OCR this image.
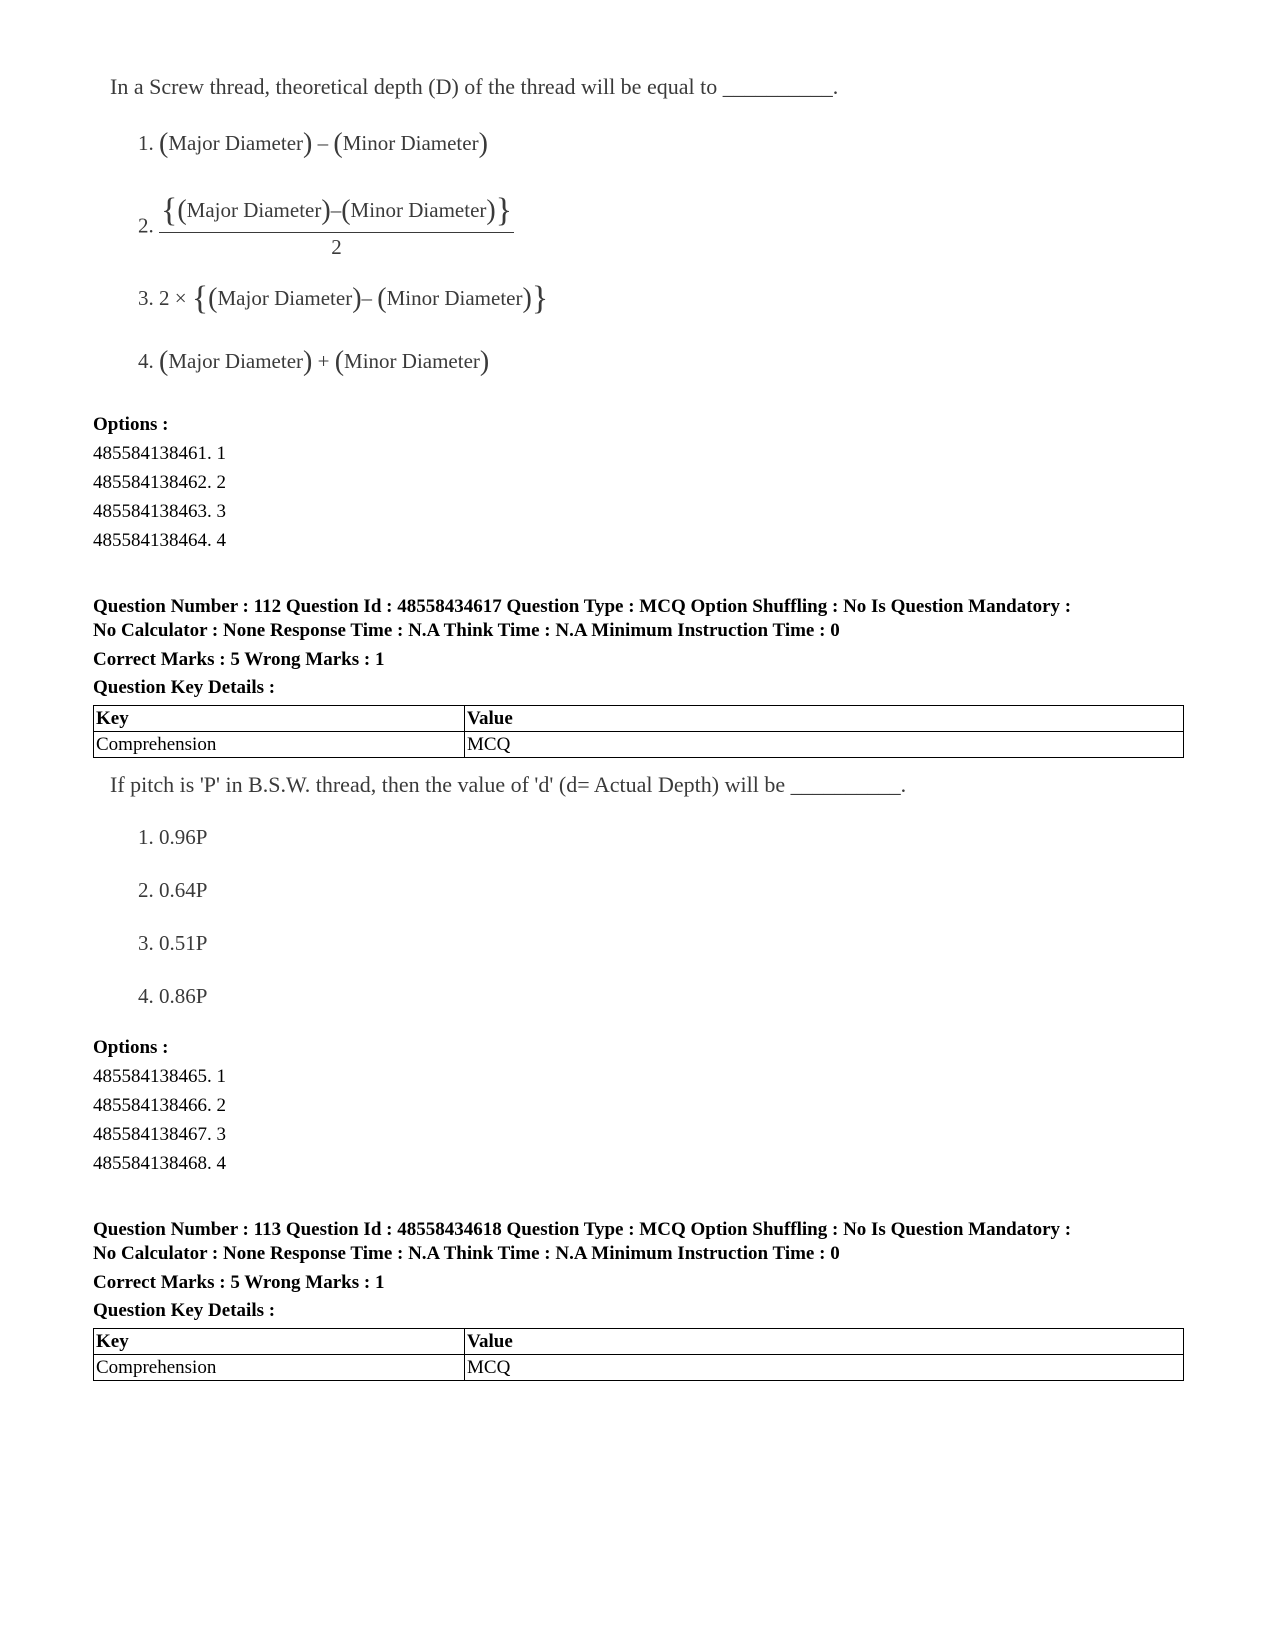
In a Screw thread, theoretical depth (D) of the thread will be equal to __________.
1. (Major Diameter) – (Minor Diameter)
2. $\frac{\text{\{(Major Diameter)–(Minor Diameter)\}}}{2}$
3. 2 × {(Major Diameter)– (Minor Diameter)}
4. (Major Diameter) + (Minor Diameter)
Options :
485584138461. 1
485584138462. 2
485584138463. 3
485584138464. 4
Question Number : 112 Question Id : 48558434617 Question Type : MCQ Option Shuffling : No Is Question Mandatory :
No Calculator : None Response Time : N.A Think Time : N.A Minimum Instruction Time : 0
Correct Marks : 5 Wrong Marks : 1
Question Key Details :
Key	Value
Comprehension	MCQ
If pitch is 'P' in B.S.W. thread, then the value of 'd' (d= Actual Depth) will be __________.
1. 0.96P
2. 0.64P
3. 0.51P
4. 0.86P
Options :
485584138465. 1
485584138466. 2
485584138467. 3
485584138468. 4
Question Number : 113 Question Id : 48558434618 Question Type : MCQ Option Shuffling : No Is Question Mandatory :
No Calculator : None Response Time : N.A Think Time : N.A Minimum Instruction Time : 0
Correct Marks : 5 Wrong Marks : 1
Question Key Details :
Key	Value
Comprehension	MCQ
